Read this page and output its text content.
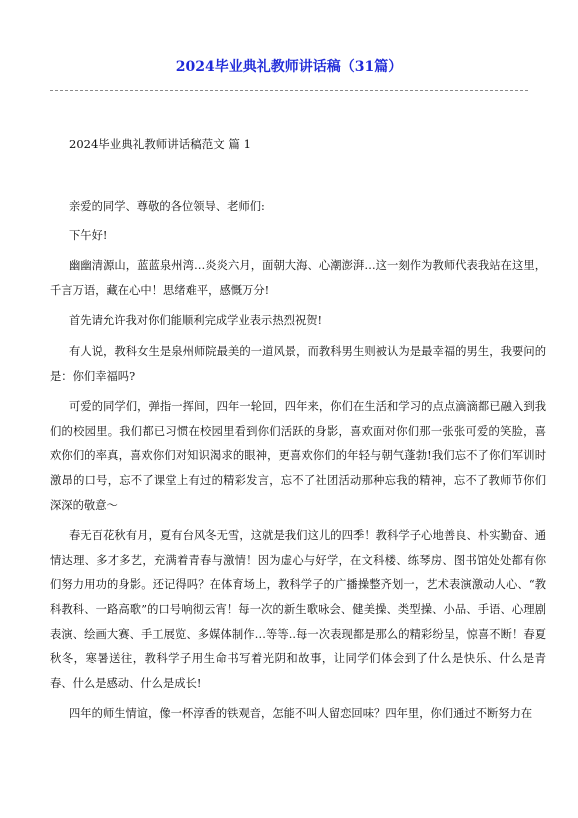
2024毕业典礼教师讲话稿（31篇）

2024毕业典礼教师讲话稿范文 篇 1

亲爱的同学、尊敬的各位领导、老师们:

下午好!

幽幽清源山，蓝蓝泉州湾…炎炎六月，面朝大海、心潮澎湃…这一刻作为教师代表我站在这里，千言万语，藏在心中！思绪难平，感慨万分!

首先请允许我对你们能顺利完成学业表示热烈祝贺!

有人说，教科女生是泉州师院最美的一道风景，而教科男生则被认为是最幸福的男生，我要问的是：你们幸福吗?

可爱的同学们，弹指一挥间，四年一轮回，四年来，你们在生活和学习的点点滴滴都已融入到我们的校园里。我们都已习惯在校园里看到你们活跃的身影，喜欢面对你们那一张张可爱的笑脸，喜欢你们的率真，喜欢你们对知识渴求的眼神，更喜欢你们的年轻与朝气蓬勃!我们忘不了你们军训时激昂的口号，忘不了课堂上有过的精彩发言，忘不了社团活动那种忘我的精神，忘不了教师节你们深深的敬意～

春无百花秋有月，夏有台风冬无雪，这就是我们这儿的四季！教科学子心地善良、朴实勤奋、通情达理、多才多艺，充满着青春与激情！因为虚心与好学，在文科楼、练琴房、图书馆处处都有你们努力用功的身影。还记得吗？在体育场上，教科学子的广播操整齐划一，艺术表演激动人心、“教科教科、一路高歌”的口号响彻云宵！每一次的新生歌咏会、健美操、类型操、小品、手语、心理剧表演、绘画大赛、手工展览、多媒体制作…等等..每一次表现都是那么的精彩纷呈，惊喜不断！春夏秋冬，寒暑送往，教科学子用生命书写着光阴和故事，让同学们体会到了什么是快乐、什么是青春、什么是感动、什么是成长!

四年的师生情谊，像一杯淳香的铁观音，怎能不叫人留恋回味？四年里，你们通过不断努力在
